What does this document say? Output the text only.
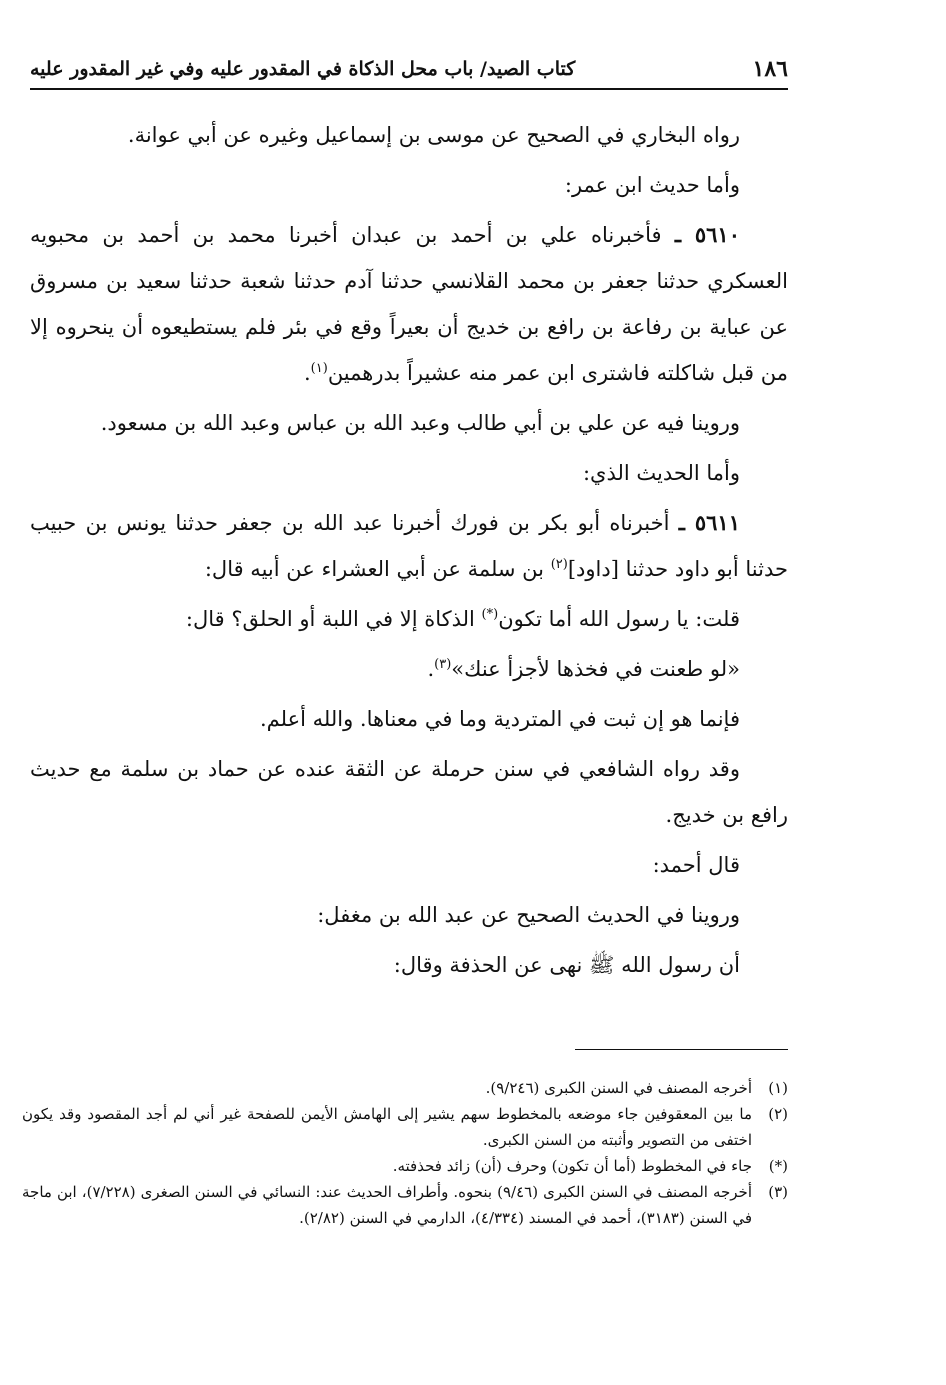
١٨٦
كتاب الصيد/ باب محل الذكاة في المقدور عليه وفي غير المقدور عليه

رواه البخاري في الصحيح عن موسى بن إسماعيل وغيره عن أبي عوانة.

وأما حديث ابن عمر:

٥٦١٠ ـ فأخبرناه علي بن أحمد بن عبدان أخبرنا محمد بن أحمد بن محبويه العسكري حدثنا جعفر بن محمد القلانسي حدثنا آدم حدثنا شعبة حدثنا سعيد بن مسروق عن عباية بن رفاعة بن رافع بن خديج أن بعيراً وقع في بئر فلم يستطيعوه أن ينحروه إلا من قبل شاكلته فاشترى ابن عمر منه عشيراً بدرهمين$^{(١)}$.

وروينا فيه عن علي بن أبي طالب وعبد الله بن عباس وعبد الله بن مسعود.

وأما الحديث الذي:

٥٦١١ ـ أخبرناه أبو بكر بن فورك أخبرنا عبد الله بن جعفر حدثنا يونس بن حبيب حدثنا أبو داود حدثنا [داود]$^{(٢)}$ بن سلمة عن أبي العشراء عن أبيه قال:

قلت: يا رسول الله أما تكون(*) الذكاة إلا في اللبة أو الحلق؟ قال:

«لو طعنت في فخذها لأجزأ عنك»$^{(٣)}$.

فإنما هو إن ثبت في المتردية وما في معناها. والله أعلم.

وقد رواه الشافعي في سنن حرملة عن الثقة عنده عن حماد بن سلمة مع حديث رافع بن خديج.

قال أحمد:

وروينا في الحديث الصحيح عن عبد الله بن مغفل:

أن رسول الله ﷺ نهى عن الحذفة وقال:

(١)
أخرجه المصنف في السنن الكبرى (٩/٢٤٦).
(٢)
ما بين المعقوفين جاء موضعه بالمخطوط سهم يشير إلى الهامش الأيمن للصفحة غير أني لم أجد المقصود وقد يكون اختفى من التصوير وأثبته من السنن الكبرى.
(*)
جاء في المخطوط (أما أن تكون) وحرف (أن) زائد فحذفته.
(٣)
أخرجه المصنف في السنن الكبرى (٩/٤٦) بنحوه. وأطراف الحديث عند: النسائي في السنن الصغرى (٧/٢٢٨)، ابن ماجة في السنن (٣١٨٣)، أحمد في المسند (٤/٣٣٤)، الدارمي في السنن (٢/٨٢).
